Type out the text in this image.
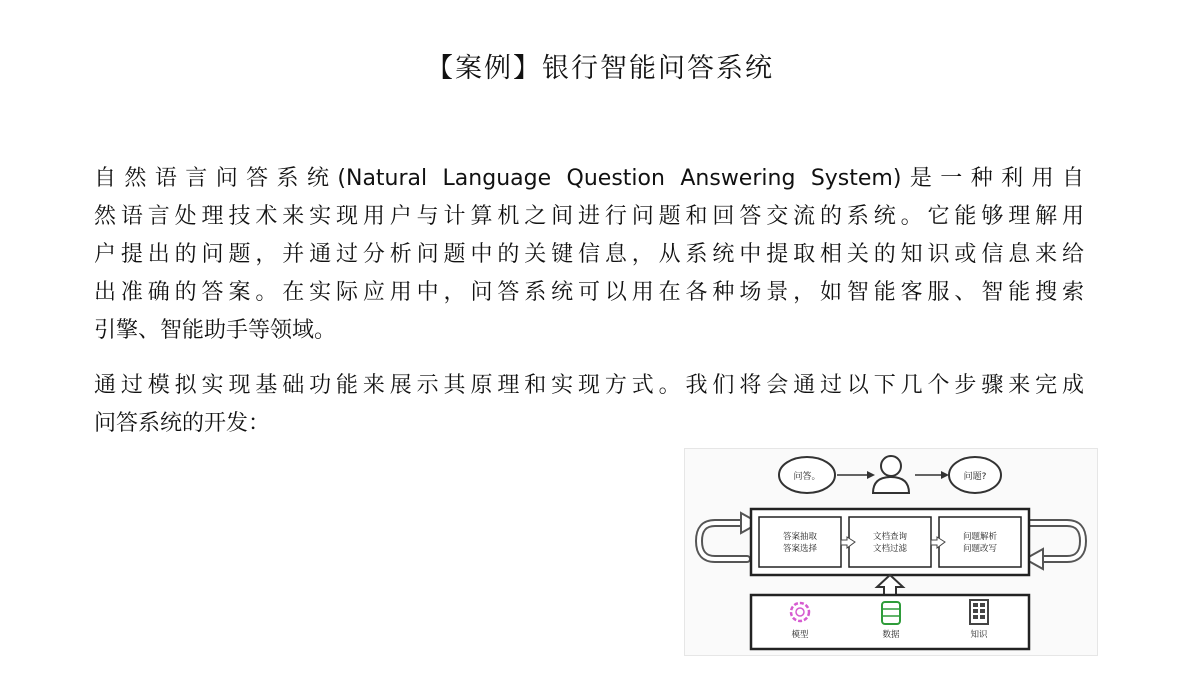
【案例】银行智能问答系统

自然语言问答系统(Natural Language Question Answering System)是一种利用自
然语言处理技术来实现用户与计算机之间进行问题和回答交流的系统。它能够理解用
户提出的问题，并通过分析问题中的关键信息，从系统中提取相关的知识或信息来给
出准确的答案。在实际应用中，问答系统可以用在各种场景，如智能客服、智能搜索
引擎、智能助手等领域。

通过模拟实现基础功能来展示其原理和实现方式。我们将会通过以下几个步骤来完成
问答系统的开发：

问答。	问题?
答案抽取
答案选择
文档查询
文档过滤
问题解析
问题改写
模型	数据	知识
